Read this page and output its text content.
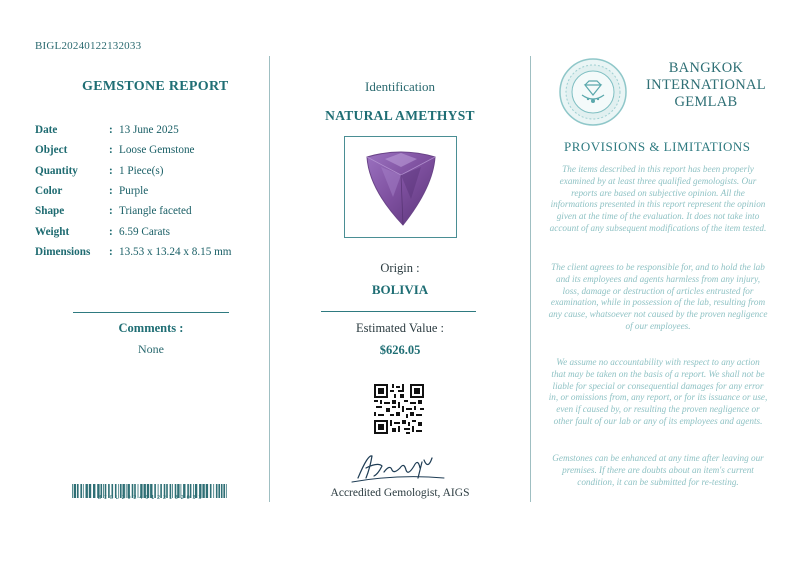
BIGL20240122132033
GEMSTONE REPORT
Date	: 13 June 2025
Object	: Loose Gemstone
Quantity	: 1 Piece(s)
Color	: Purple
Shape	: Triangle faceted
Weight	: 6.59 Carats
Dimensions	: 13.53 x 13.24 x 8.15 mm
Comments :
None
BIGL20240122132033
Identification
NATURAL AMETHYST
Origin :
BOLIVIA
Estimated Value :
$626.05
Accredited Gemologist, AIGS
BANGKOK
INTERNATIONAL
GEMLAB
PROVISIONS & LIMITATIONS
The items described in this report has been properly examined by at least three qualified gemologists. Our reports are based on subjective opinion. All the informations presented in this report represent the opinion given at the time of the evaluation. It does not take into account of any subsequent modifications of the item tested.
The client agrees to be responsible for, and to hold the lab and its employees and agents harmless from any injury, loss, damage or destruction of articles entrusted for examination, while in possession of the lab, resulting from any cause, whatsoever not caused by the proven negligence of our employees.
We assume no accountability with respect to any action that may be taken on the basis of a report. We shall not be liable for special or consequential damages for any error in, or omissions from, any report, or for its issuance or use, even if caused by, or resulting the proven negligence or other fault of our lab or any of its employees and agents.
Gemstones can be enhanced at any time after leaving our premises. If there are doubts about an item's current condition, it can be submitted for re-testing.
